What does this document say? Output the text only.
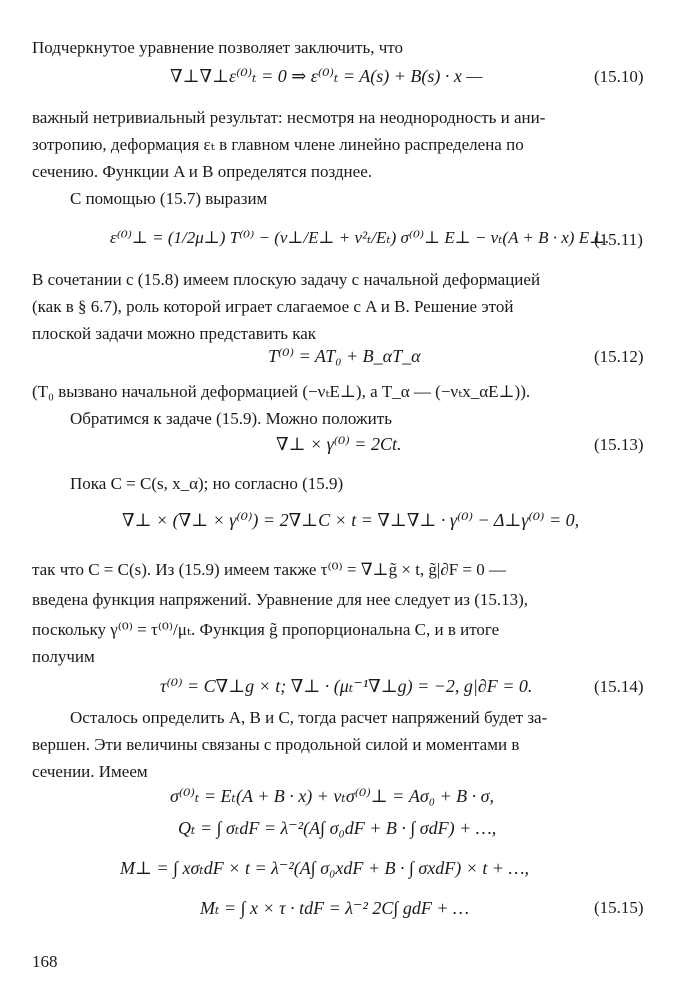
Подчеркнутое уравнение позволяет заключить, что
∇⊥∇⊥ε⁽⁰⁾ₜ = 0 ⇒ ε⁽⁰⁾ₜ = A(s) + B(s) · x —	(15.10)
важный нетривиальный результат: несмотря на неоднородность и ани-
зотропию, деформация εₜ в главном члене линейно распределена по
сечению. Функции A и B определятся позднее.
С помощью (15.7) выразим
ε⁽⁰⁾⊥ = (1/2μ⊥) T⁽⁰⁾ − (ν⊥/E⊥ + ν²ₜ/Eₜ) σ⁽⁰⁾⊥ E⊥ − νₜ(A + B · x) E⊥.
(15.11)
В сочетании с (15.8) имеем плоскую задачу с начальной деформацией
(как в § 6.7), роль которой играет слагаемое с A и B. Решение этой
плоской задачи можно представить как
T⁽⁰⁾ = AT₀ + B_αT_α	(15.12)
(T₀ вызвано начальной деформацией (−νₜE⊥), а T_α — (−νₜx_αE⊥)).
Обратимся к задаче (15.9). Можно положить
∇⊥ × γ⁽⁰⁾ = 2Ct.	(15.13)
Пока C = C(s, x_α); но согласно (15.9)
∇⊥ × (∇⊥ × γ⁽⁰⁾) = 2∇⊥C × t = ∇⊥∇⊥ · γ⁽⁰⁾ − Δ⊥γ⁽⁰⁾ = 0,
так что C = C(s). Из (15.9) имеем также τ⁽⁰⁾ = ∇⊥g̃ × t, g̃|∂F = 0 —
введена функция напряжений. Уравнение для нее следует из (15.13),
поскольку γ⁽⁰⁾ = τ⁽⁰⁾/μₜ. Функция g̃ пропорциональна C, и в итоге
получим
τ⁽⁰⁾ = C∇⊥g × t; ∇⊥ · (μₜ⁻¹∇⊥g) = −2, g|∂F = 0.	(15.14)
Осталось определить A, B и C, тогда расчет напряжений будет за-
вершен. Эти величины связаны с продольной силой и моментами в
сечении. Имеем
σ⁽⁰⁾ₜ = Eₜ(A + B · x) + νₜσ⁽⁰⁾⊥ = Aσ₀ + B · σ,
Qₜ = ∫ σₜdF = λ⁻²(A∫ σ₀dF + B · ∫ σdF) + …,
M⊥ = ∫ xσₜdF × t = λ⁻²(A∫ σ₀xdF + B · ∫ σxdF) × t + …,
Mₜ = ∫ x × τ · tdF = λ⁻² 2C∫ gdF + …	(15.15)
168
